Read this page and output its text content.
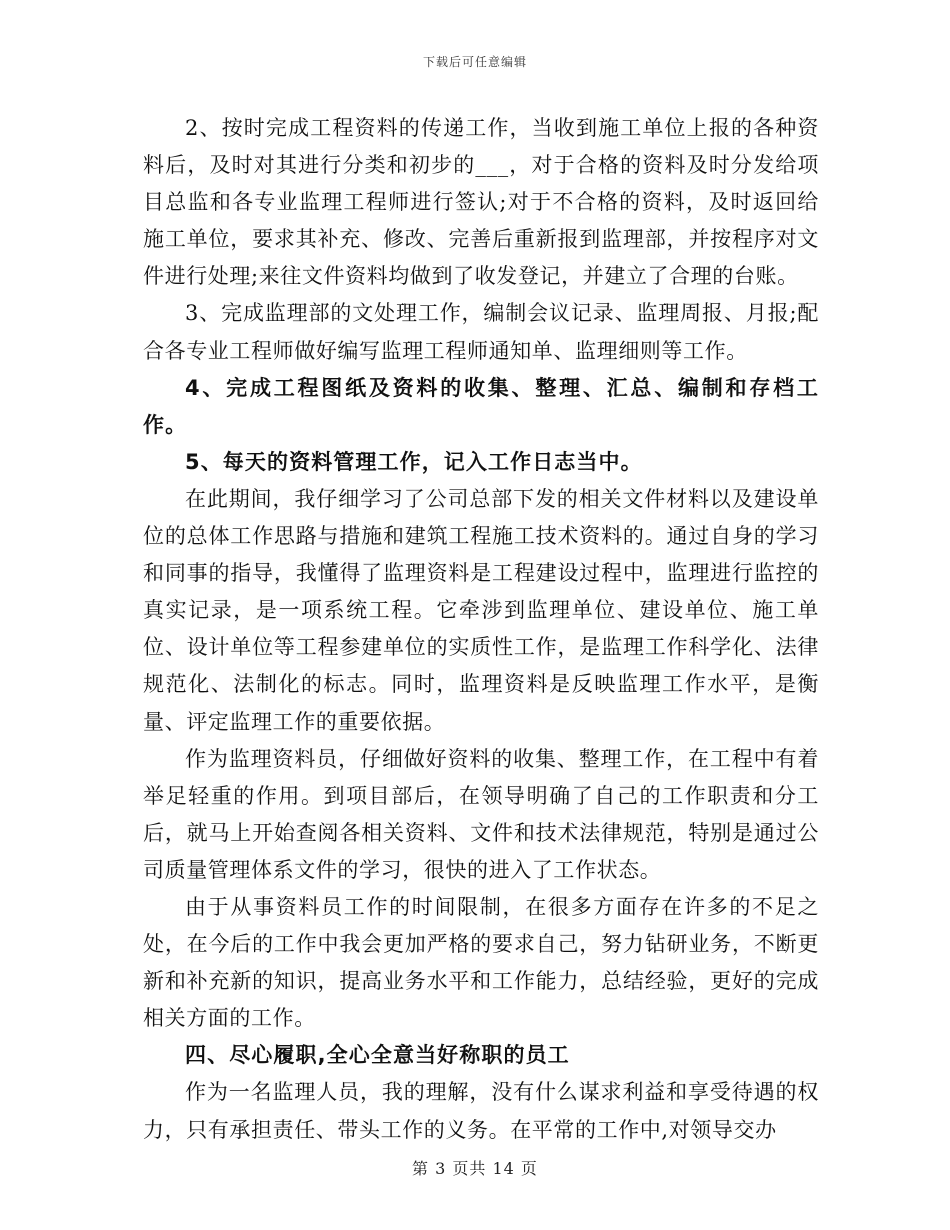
下载后可任意编辑

2、按时完成工程资料的传递工作，当收到施工单位上报的各种资料后，及时对其进行分类和初步的___，对于合格的资料及时分发给项目总监和各专业监理工程师进行签认;对于不合格的资料，及时返回给施工单位，要求其补充、修改、完善后重新报到监理部，并按程序对文件进行处理;来往文件资料均做到了收发登记，并建立了合理的台账。

3、完成监理部的文处理工作，编制会议记录、监理周报、月报;配合各专业工程师做好编写监理工程师通知单、监理细则等工作。

4、完成工程图纸及资料的收集、整理、汇总、编制和存档工作。

5、每天的资料管理工作，记入工作日志当中。

在此期间，我仔细学习了公司总部下发的相关文件材料以及建设单位的总体工作思路与措施和建筑工程施工技术资料的。通过自身的学习和同事的指导，我懂得了监理资料是工程建设过程中，监理进行监控的真实记录，是一项系统工程。它牵涉到监理单位、建设单位、施工单位、设计单位等工程参建单位的实质性工作，是监理工作科学化、法律规范化、法制化的标志。同时，监理资料是反映监理工作水平，是衡量、评定监理工作的重要依据。

作为监理资料员，仔细做好资料的收集、整理工作，在工程中有着举足轻重的作用。到项目部后，在领导明确了自己的工作职责和分工后，就马上开始查阅各相关资料、文件和技术法律规范，特别是通过公司质量管理体系文件的学习，很快的进入了工作状态。

由于从事资料员工作的时间限制，在很多方面存在许多的不足之处，在今后的工作中我会更加严格的要求自己，努力钻研业务，不断更新和补充新的知识，提高业务水平和工作能力，总结经验，更好的完成相关方面的工作。

四、尽心履职,全心全意当好称职的员工

作为一名监理人员，我的理解，没有什么谋求利益和享受待遇的权力，只有承担责任、带头工作的义务。在平常的工作中,对领导交办

第 3 页共 14 页
